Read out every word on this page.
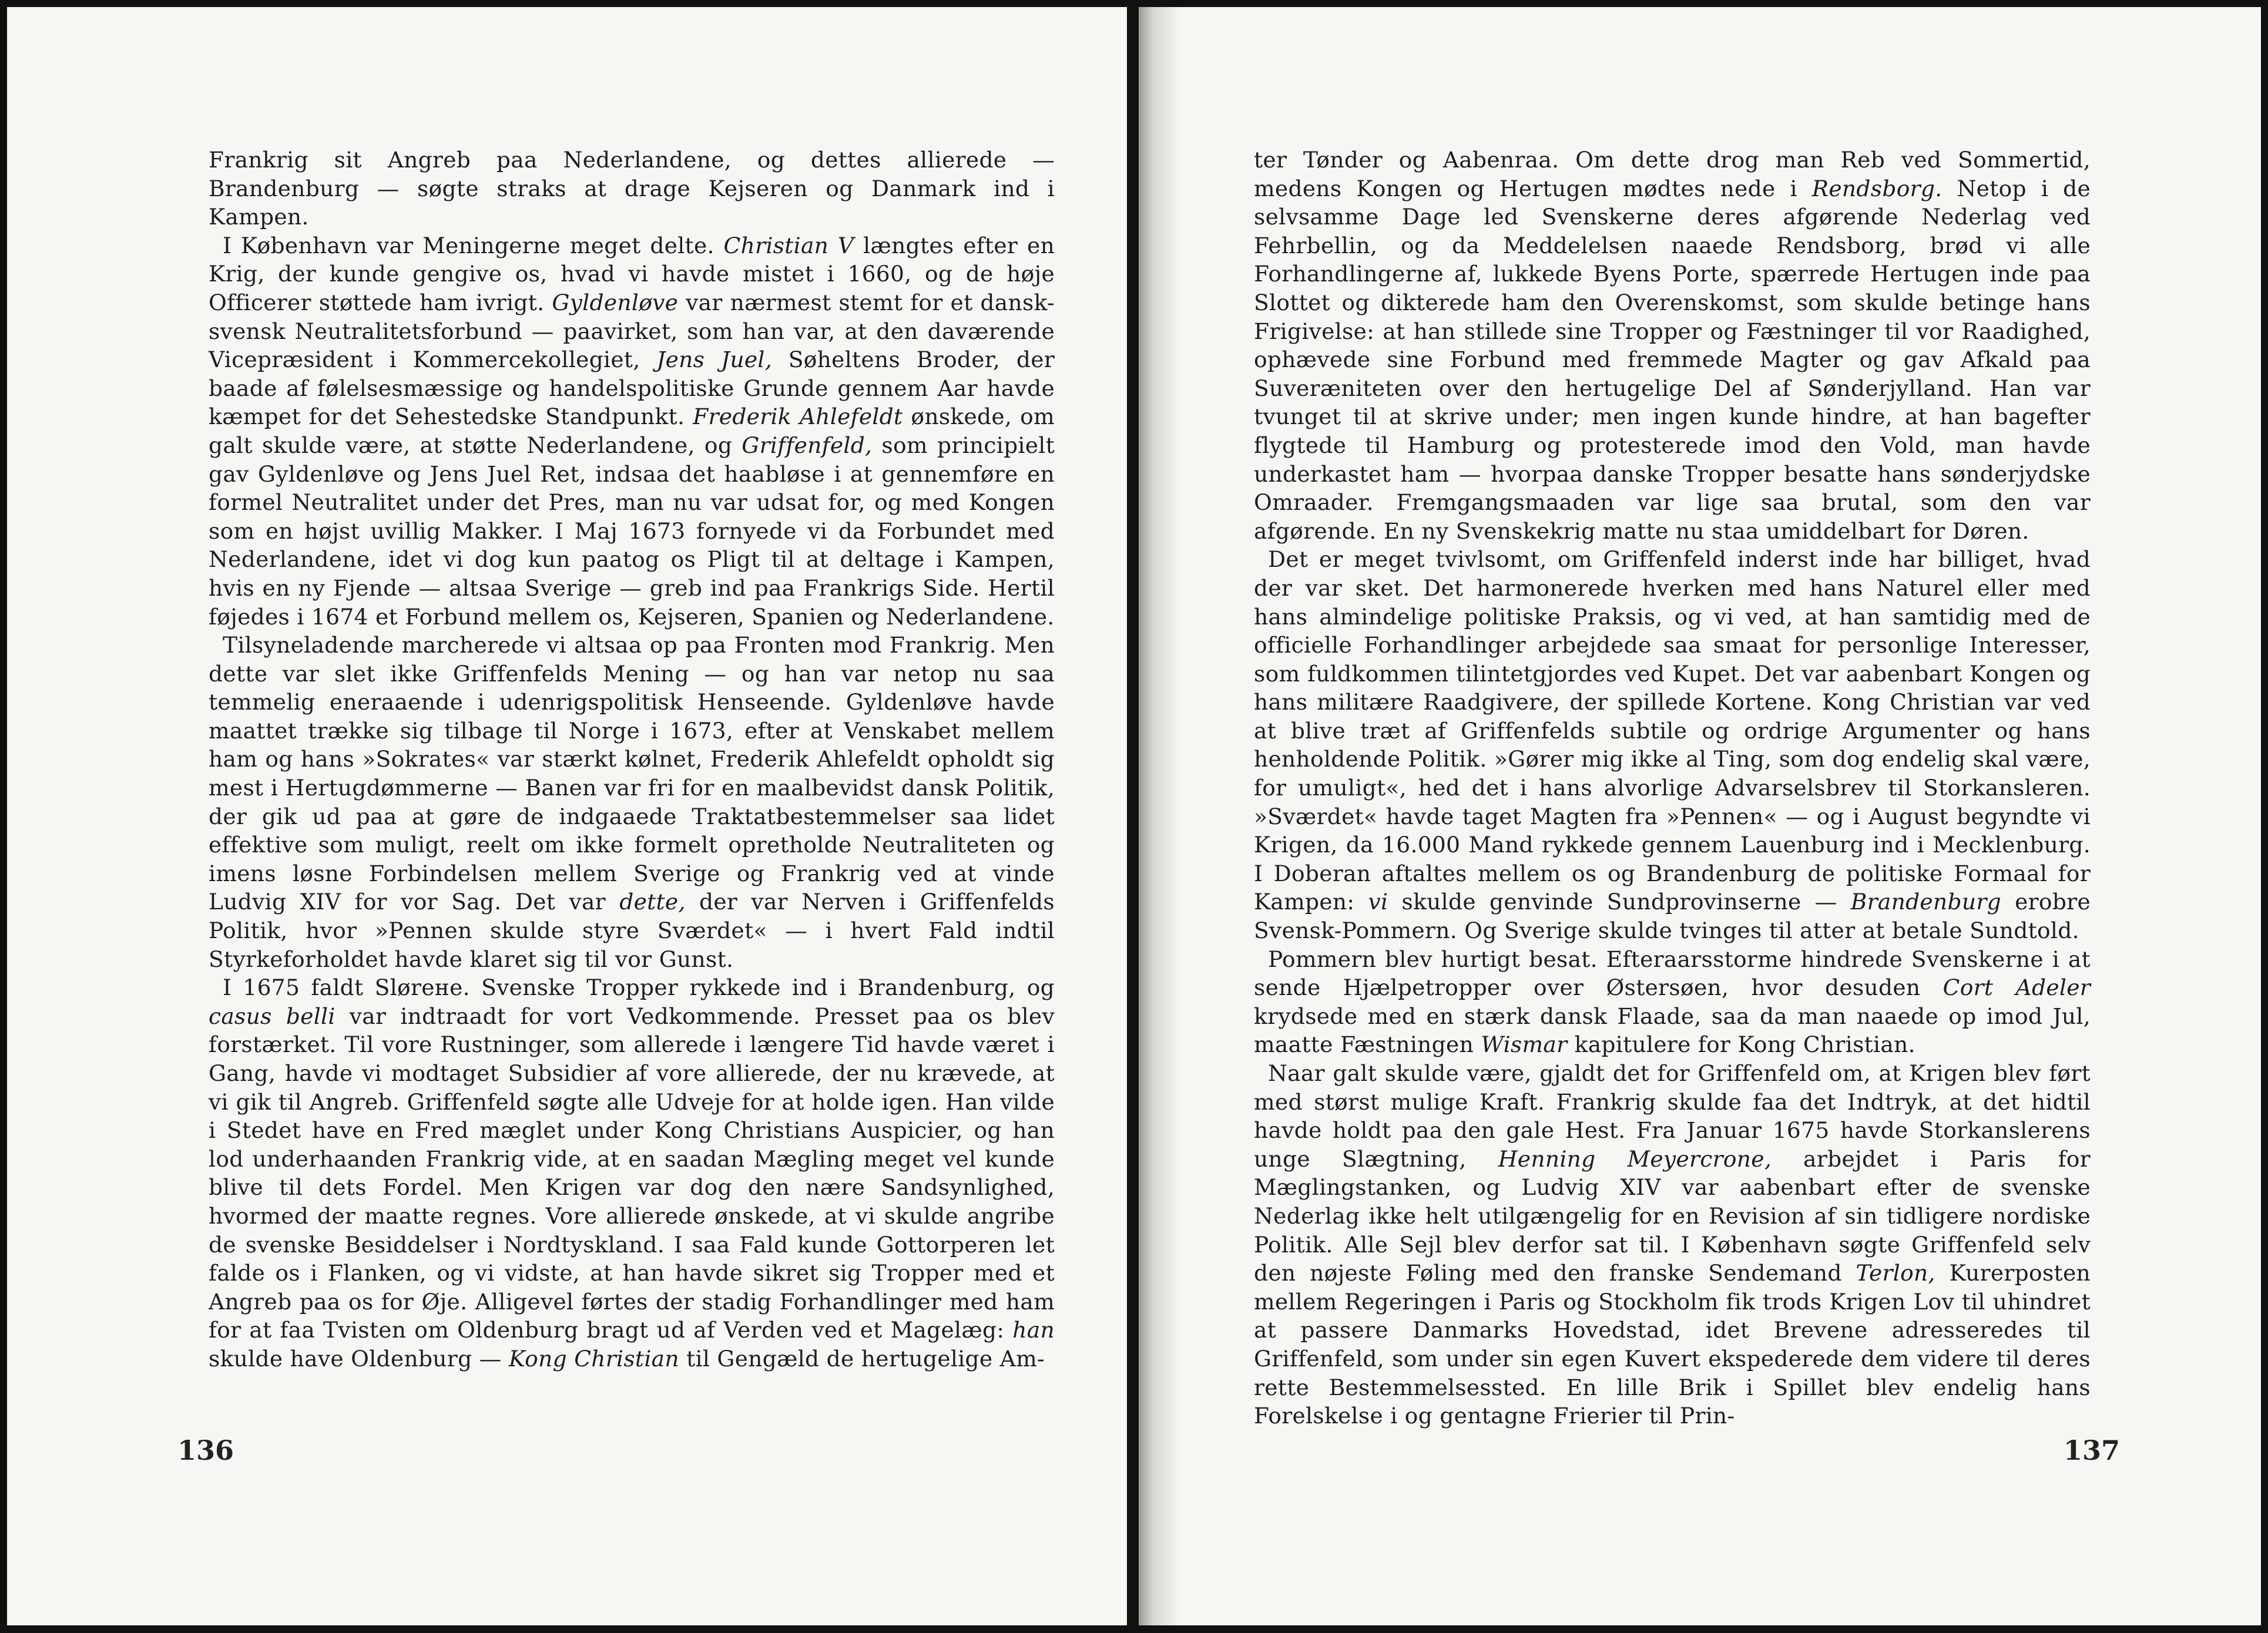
Frankrig sit Angreb paa Nederlandene, og dettes allierede — Brandenburg — søgte straks at drage Kejseren og Danmark ind i Kampen.

I København var Meningerne meget delte. Christian V længtes efter en Krig, der kunde gengive os, hvad vi havde mistet i 1660, og de høje Officerer støttede ham ivrigt. Gyldenløve var nærmest stemt for et dansk-svensk Neutralitetsforbund — paavirket, som han var, at den daværende Vicepræsident i Kommercekollegiet, Jens Juel, Søheltens Broder, der baade af følelsesmæssige og handelspolitiske Grunde gennem Aar havde kæmpet for det Sehestedske Standpunkt. Frederik Ahlefeldt ønskede, om galt skulde være, at støtte Nederlandene, og Griffenfeld, som principielt gav Gyldenløve og Jens Juel Ret, indsaa det haabløse i at gennemføre en formel Neutralitet under det Pres, man nu var udsat for, og med Kongen som en højst uvillig Makker. I Maj 1673 fornyede vi da Forbundet med Nederlandene, idet vi dog kun paatog os Pligt til at deltage i Kampen, hvis en ny Fjende — altsaa Sverige — greb ind paa Frankrigs Side. Hertil føjedes i 1674 et Forbund mellem os, Kejseren, Spanien og Nederlandene.

Tilsyneladende marcherede vi altsaa op paa Fronten mod Frankrig. Men dette var slet ikke Griffenfelds Mening — og han var netop nu saa temmelig eneraaende i udenrigspolitisk Henseende. Gyldenløve havde maattet trække sig tilbage til Norge i 1673, efter at Venskabet mellem ham og hans »Sokrates« var stærkt kølnet, Frederik Ahlefeldt opholdt sig mest i Hertugdømmerne — Banen var fri for en maalbevidst dansk Politik, der gik ud paa at gøre de indgaaede Traktatbestemmelser saa lidet effektive som muligt, reelt om ikke formelt opretholde Neutraliteten og imens løsne Forbindelsen mellem Sverige og Frankrig ved at vinde Ludvig XIV for vor Sag. Det var dette, der var Nerven i Griffenfelds Politik, hvor »Pennen skulde styre Sværdet« — i hvert Fald indtil Styrkeforholdet havde klaret sig til vor Gunst.

I 1675 faldt Sløreне. Svenske Tropper rykkede ind i Brandenburg, og casus belli var indtraadt for vort Vedkommende. Presset paa os blev forstærket. Til vore Rustninger, som allerede i længere Tid havde været i Gang, havde vi modtaget Subsidier af vore allierede, der nu krævede, at vi gik til Angreb. Griffenfeld søgte alle Udveje for at holde igen. Han vilde i Stedet have en Fred mæglet under Kong Christians Auspicier, og han lod underhaanden Frankrig vide, at en saadan Mægling meget vel kunde blive til dets Fordel. Men Krigen var dog den nære Sandsynlighed, hvormed der maatte regnes. Vore allierede ønskede, at vi skulde angribe de svenske Besiddelser i Nordtyskland. I saa Fald kunde Gottorperen let falde os i Flanken, og vi vidste, at han havde sikret sig Tropper med et Angreb paa os for Øje. Alligevel førtes der stadig Forhandlinger med ham for at faa Tvisten om Oldenburg bragt ud af Verden ved et Magelæg: han skulde have Oldenburg — Kong Christian til Gengæld de hertugelige Am-

136

ter Tønder og Aabenraa. Om dette drog man Reb ved Sommertid, medens Kongen og Hertugen mødtes nede i Rendsborg. Netop i de selvsamme Dage led Svenskerne deres afgørende Nederlag ved Fehrbellin, og da Meddelelsen naaede Rendsborg, brød vi alle Forhandlingerne af, lukkede Byens Porte, spærrede Hertugen inde paa Slottet og dikterede ham den Overenskomst, som skulde betinge hans Frigivelse: at han stillede sine Tropper og Fæstninger til vor Raadighed, ophævede sine Forbund med fremmede Magter og gav Afkald paa Suveræniteten over den hertugelige Del af Sønderjylland. Han var tvunget til at skrive under; men ingen kunde hindre, at han bagefter flygtede til Hamburg og protesterede imod den Vold, man havde underkastet ham — hvorpaa danske Tropper besatte hans sønderjydske Omraader. Fremgangsmaaden var lige saa brutal, som den var afgørende. En ny Svenskekrig matte nu staa umiddelbart for Døren.

Det er meget tvivlsomt, om Griffenfeld inderst inde har billiget, hvad der var sket. Det harmonerede hverken med hans Naturel eller med hans almindelige politiske Praksis, og vi ved, at han samtidig med de officielle Forhandlinger arbejdede saa smaat for personlige Interesser, som fuldkommen tilintetgjordes ved Kupet. Det var aabenbart Kongen og hans militære Raadgivere, der spillede Kortene. Kong Christian var ved at blive træt af Griffenfelds subtile og ordrige Argumenter og hans henholdende Politik. »Gører mig ikke al Ting, som dog endelig skal være, for umuligt«, hed det i hans alvorlige Advarselsbrev til Storkansleren. »Sværdet« havde taget Magten fra »Pennen« — og i August begyndte vi Krigen, da 16.000 Mand rykkede gennem Lauenburg ind i Mecklenburg. I Doberan aftaltes mellem os og Brandenburg de politiske Formaal for Kampen: vi skulde genvinde Sundprovinserne — Brandenburg erobre Svensk-Pommern. Og Sverige skulde tvinges til atter at betale Sundtold.

Pommern blev hurtigt besat. Efteraarsstorme hindrede Svenskerne i at sende Hjælpetropper over Østersøen, hvor desuden Cort Adeler krydsede med en stærk dansk Flaade, saa da man naaede op imod Jul, maatte Fæstningen Wismar kapitulere for Kong Christian.

Naar galt skulde være, gjaldt det for Griffenfeld om, at Krigen blev ført med størst mulige Kraft. Frankrig skulde faa det Indtryk, at det hidtil havde holdt paa den gale Hest. Fra Januar 1675 havde Storkanslerens unge Slægtning, Henning Meyercrone, arbejdet i Paris for Mæglingstanken, og Ludvig XIV var aabenbart efter de svenske Nederlag ikke helt utilgængelig for en Revision af sin tidligere nordiske Politik. Alle Sejl blev derfor sat til. I København søgte Griffenfeld selv den nøjeste Føling med den franske Sendemand Terlon, Kurerposten mellem Regeringen i Paris og Stockholm fik trods Krigen Lov til uhindret at passere Danmarks Hovedstad, idet Brevene adresseredes til Griffenfeld, som under sin egen Kuvert ekspederede dem videre til deres rette Bestemmelsessted. En lille Brik i Spillet blev endelig hans Forelskelse i og gentagne Frierier til Prin-

137
